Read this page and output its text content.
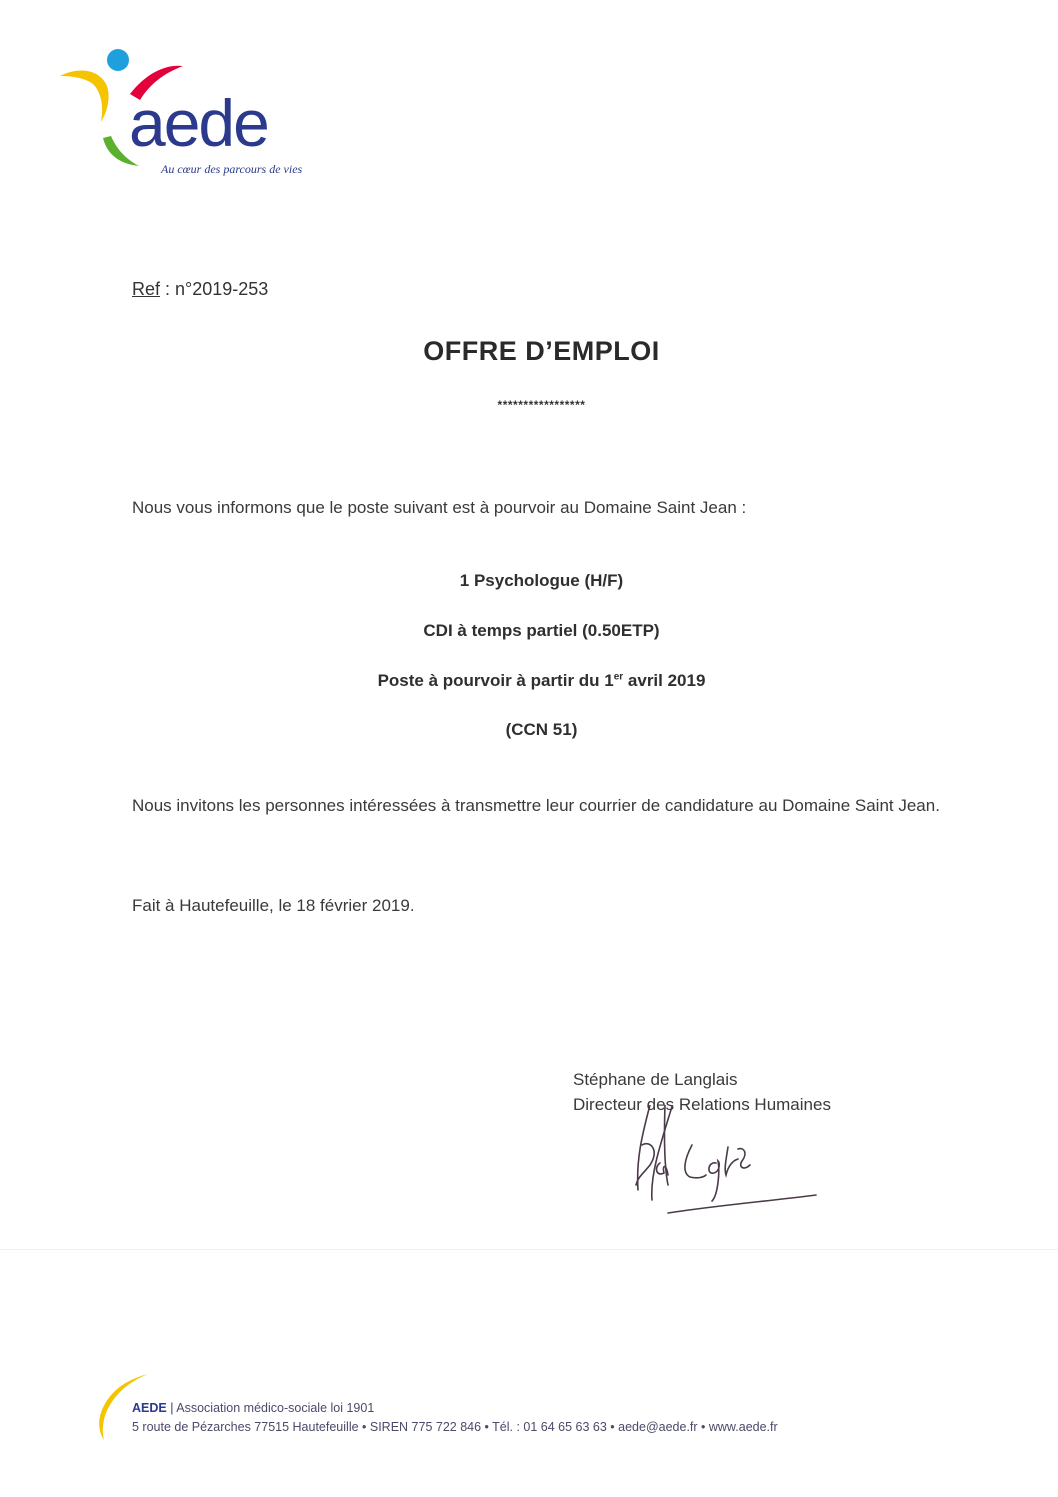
aede
Au cœur des parcours de vies
Ref : n°2019-253
OFFRE D’EMPLOI
*****************
Nous vous informons que le poste suivant est à pourvoir au Domaine Saint Jean :
1 Psychologue (H/F)
CDI à temps partiel (0.50ETP)
Poste à pourvoir à partir du 1er avril 2019
(CCN 51)
Nous invitons les personnes intéressées à transmettre leur courrier de candidature au Domaine Saint Jean.
Fait à Hautefeuille, le 18 février 2019.
Stéphane de Langlais
Directeur des Relations Humaines
AEDE | Association médico-sociale loi 1901
5 route de Pézarches 77515 Hautefeuille • SIREN 775 722 846 • Tél. : 01 64 65 63 63 • aede@aede.fr • www.aede.fr
